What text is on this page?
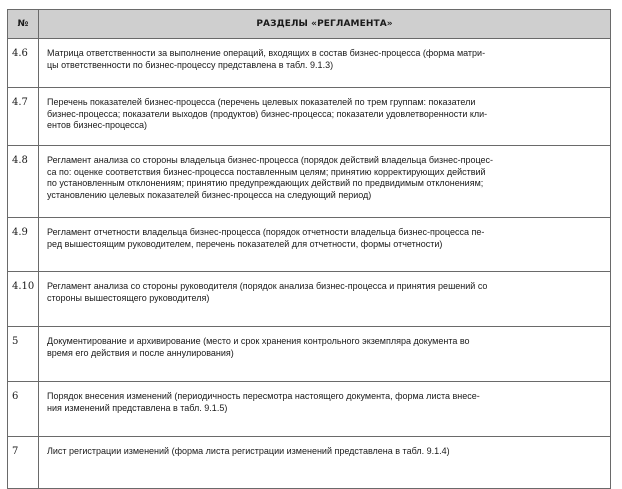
№	РАЗДЕЛЫ «РЕГЛАМЕНТА»
4.6	Матрица ответственности за выполнение операций, входящих в состав бизнес-процесса (форма матри-
цы ответственности по бизнес-процессу представлена в табл. 9.1.3)

4.7	Перечень показателей бизнес-процесса (перечень целевых показателей по трем группам: показатели
бизнес-процесса; показатели выходов (продуктов) бизнес-процесса; показатели удовлетворенности кли-
ентов бизнес-процесса)

4.8	Регламент анализа со стороны владельца бизнес-процесса (порядок действий владельца бизнес-процес-
са по: оценке соответствия бизнес-процесса поставленным целям; принятию корректирующих действий
по установленным отклонениям; принятию предупреждающих действий по предвидимым отклонениям;
установлению целевых показателей бизнес-процесса на следующий период)

4.9	Регламент отчетности владельца бизнес-процесса (порядок отчетности владельца бизнес-процесса пе-
ред вышестоящим руководителем, перечень показателей для отчетности, формы отчетности)

4.10	Регламент анализа со стороны руководителя (порядок анализа бизнес-процесса и принятия решений со
стороны вышестоящего руководителя)

5	Документирование и архивирование (место и срок хранения контрольного экземпляра документа во
время его действия и после аннулирования)

6	Порядок внесения изменений (периодичность пересмотра настоящего документа, форма листа внесе-
ния изменений представлена в табл. 9.1.5)

7	Лист регистрации изменений (форма листа регистрации изменений представлена в табл. 9.1.4)
